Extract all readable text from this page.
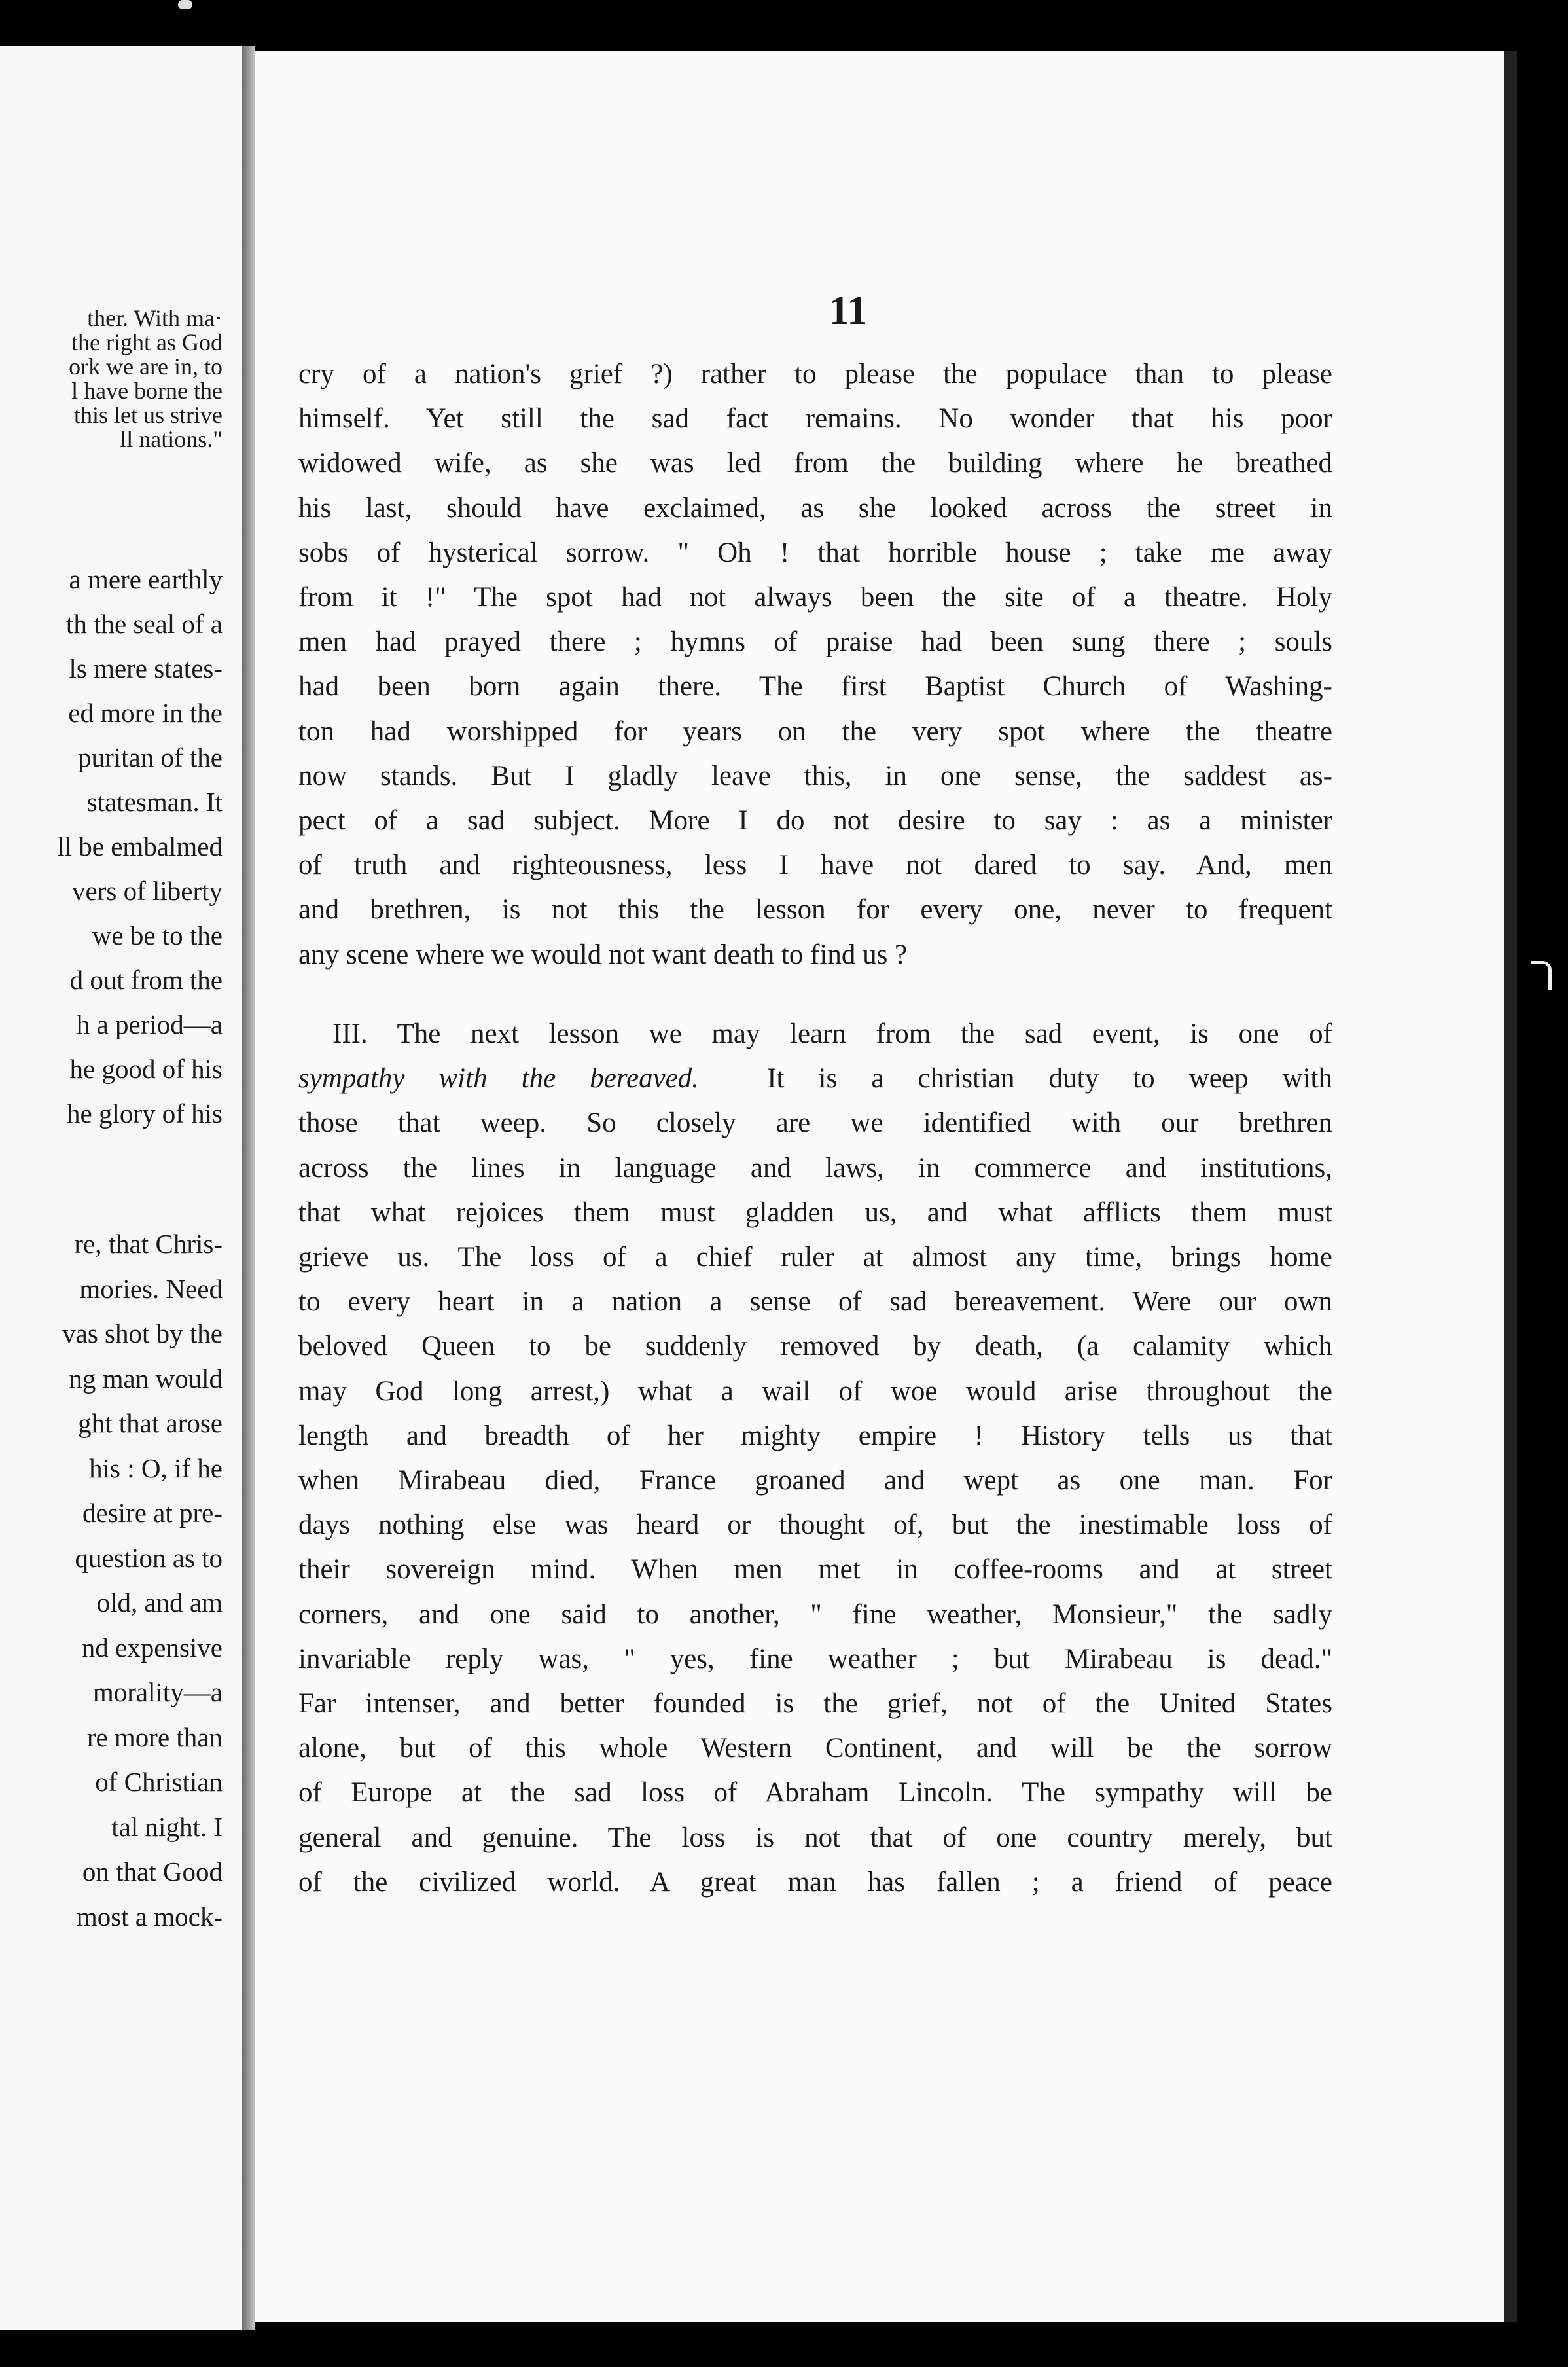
ther. With ma·
the right as God
ork we are in, to
l have borne the
this let us strive
ll nations."
a mere earthly
th the seal of a
ls mere states-
ed more in the
puritan of the
statesman. It
ll be embalmed
vers of liberty
we be to the
d out from the
h a period—a
he good of his
he glory of his
re, that Chris-
mories. Need
vas shot by the
ng man would
ght that arose
his : O, if he
desire at pre-
question as to
old, and am
nd expensive
morality—a
re more than
of Christian
tal night. I
on that Good
most a mock-
11
cry of a nation's grief ?) rather to please the populace than to please
himself. Yet still the sad fact remains. No wonder that his poor
widowed wife, as she was led from the building where he breathed
his last, should have exclaimed, as she looked across the street in
sobs of hysterical sorrow. " Oh ! that horrible house ; take me away
from it !" The spot had not always been the site of a theatre. Holy
men had prayed there ; hymns of praise had been sung there ; souls
had been born again there. The first Baptist Church of Washing-
ton had worshipped for years on the very spot where the theatre
now stands. But I gladly leave this, in one sense, the saddest as-
pect of a sad subject. More I do not desire to say : as a minister
of truth and righteousness, less I have not dared to say. And, men
and brethren, is not this the lesson for every one, never to frequent
any scene where we would not want death to find us ?
III. The next lesson we may learn from the sad event, is one of
sympathy with the bereaved.  It is a christian duty to weep with
those that weep. So closely are we identified with our brethren
across the lines in language and laws, in commerce and institutions,
that what rejoices them must gladden us, and what afflicts them must
grieve us. The loss of a chief ruler at almost any time, brings home
to every heart in a nation a sense of sad bereavement. Were our own
beloved Queen to be suddenly removed by death, (a calamity which
may God long arrest,) what a wail of woe would arise throughout the
length and breadth of her mighty empire ! History tells us that
when Mirabeau died, France groaned and wept as one man. For
days nothing else was heard or thought of, but the inestimable loss of
their sovereign mind. When men met in coffee-rooms and at street
corners, and one said to another, " fine weather, Monsieur," the sadly
invariable reply was, " yes, fine weather ; but Mirabeau is dead."
Far intenser, and better founded is the grief, not of the United States
alone, but of this whole Western Continent, and will be the sorrow
of Europe at the sad loss of Abraham Lincoln. The sympathy will be
general and genuine. The loss is not that of one country merely, but
of the civilized world. A great man has fallen ; a friend of peace
